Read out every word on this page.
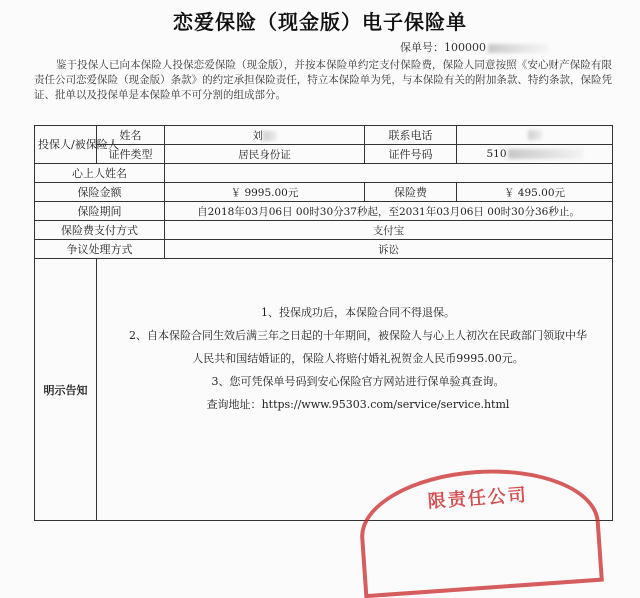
恋爱保险（现金版）电子保险单
保单号：100000
鉴于投保人已向本保险人投保恋爱保险（现金版），并按本保险单约定支付保险费，保险人同意按照《安心财产保险有限责任公司恋爱保险（现金版）条款》的约定承担保险责任，特立本保险单为凭，与本保险有关的附加条款、特约条款，保险凭证、批单以及投保单是本保险单不可分割的组成部分。
投保人/被保险人	姓名	刘	联系电话	
	证件类型	居民身份证	证件号码	510
心上人姓名				
保险金额		￥ 9995.00元	保险费	￥ 495.00元
保险期间		自2018年03月06日 00时30分37秒起，至2031年03月06日 00时30分36秒止。		
保险费支付方式		支付宝		
争议处理方式		诉讼		
明示告知	1、投保成功后，本保险合同不得退保。

2、自本保险合同生效后满三年之日起的十年期间，被保险人与心上人初次在民政部门领取中华

人民共和国结婚证的，保险人将赔付婚礼祝贺金人民币9995.00元。

3、您可凭保单号码到安心保险官方网站进行保单验真查询。

查询地址：https://www.95303.com/service/service.html			

限责任公司
